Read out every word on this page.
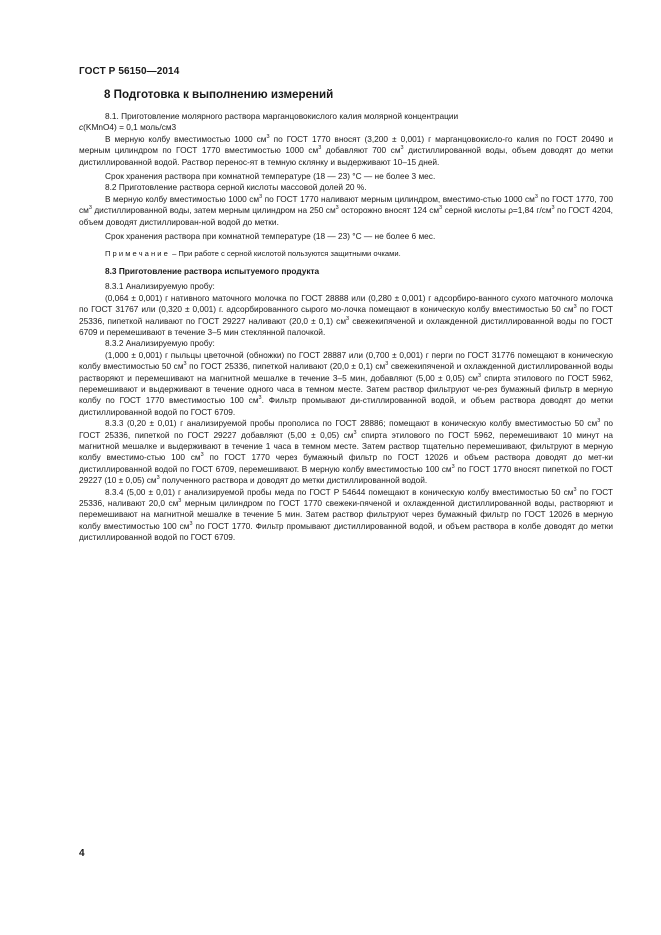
ГОСТ Р 56150—2014
8 Подготовка к выполнению измерений

8.1. Приготовление молярного раствора марганцовокислого калия молярной концентрации

c(KMnO4) = 0,1 моль/см3

В мерную колбу вместимостью 1000 $см^3$ по ГОСТ 1770 вносят (3,200 ± 0,001) г марганцовокисло-го калия по ГОСТ 20490 и мерным цилиндром по ГОСТ 1770 вместимостью 1000 $см^3$ добавляют 700 $см^3$ дистиллированной воды, объем доводят до метки дистиллированной водой. Раствор перенос-ят в темную склянку и выдерживают 10–15 дней.

Срок хранения раствора при комнатной температуре (18 — 23) °С — не более 3 мес.

8.2 Приготовление раствора серной кислоты массовой долей 20 %.

В мерную колбу вместимостью 1000 $см^3$ по ГОСТ 1770 наливают мерным цилиндром, вместимо-стью 1000 $см^3$ по ГОСТ 1770, 700 $см^3$ дистиллированной воды, затем мерным цилиндром на 250 $см^3$ осторожно вносят 124 $см^3$ серной кислоты ρ=1,84 $г/см^3$ по ГОСТ 4204, объем доводят дистиллирован-ной водой до метки.

Срок хранения раствора при комнатной температуре (18 — 23) °С — не более 6 мес.

Примечание – При работе с серной кислотой пользуются защитными очками.
8.3 Приготовление раствора испытуемого продукта

8.3.1 Анализируемую пробу:

(0,064 ± 0,001) г нативного маточного молочка по ГОСТ 28888 или (0,280 ± 0,001) г адсорбиро-ванного сухого маточного молочка по ГОСТ 31767 или (0,320 ± 0,001) г. адсорбированного сырого мо-лочка помещают в коническую колбу вместимостью 50 $см^3$ по ГОСТ 25336, пипеткой наливают по ГОСТ 29227 наливают (20,0 ± 0,1) $см^3$ свежекипяченой и охлажденной дистиллированной воды по ГОСТ 6709 и перемешивают в течение 3–5 мин стеклянной палочкой.

8.3.2 Анализируемую пробу:

(1,000 ± 0,001) г пыльцы цветочной (обножки) по ГОСТ 28887 или (0,700 ± 0,001) г перги по ГОСТ 31776 помещают в коническую колбу вместимостью 50 $см^3$ по ГОСТ 25336, пипеткой наливают (20,0 ± 0,1) $см^3$ свежекипяченой и охлажденной дистиллированной воды растворяют и перемешивают на магнитной мешалке в течение 3–5 мин, добавляют (5,00 ± 0,05) $см^3$ спирта этилового по ГОСТ 5962, перемешивают и выдерживают в течение одного часа в темном месте. Затем раствор фильтруют че-рез бумажный фильтр в мерную колбу по ГОСТ 1770 вместимостью 100 $см^3$. Фильтр промывают ди-стиллированной водой, и объем раствора доводят до метки дистиллированной водой по ГОСТ 6709.

8.3.3 (0,20 ± 0,01) г анализируемой пробы прополиса по ГОСТ 28886; помещают в коническую колбу вместимостью 50 $см^3$ по ГОСТ 25336, пипеткой по ГОСТ 29227 добавляют (5,00 ± 0,05) $см^3$ спирта этилового по ГОСТ 5962, перемешивают 10 минут на магнитной мешалке и выдерживают в течение 1 часа в темном месте. Затем раствор тщательно перемешивают, фильтруют в мерную колбу вместимо-стью 100 $см^3$ по ГОСТ 1770 через бумажный фильтр по ГОСТ 12026 и объем раствора доводят до мет-ки дистиллированной водой по ГОСТ 6709, перемешивают. В мерную колбу вместимостью 100 $см^3$ по ГОСТ 1770 вносят пипеткой по ГОСТ 29227 (10 ± 0,05) $см^3$ полученного раствора и доводят до метки дистиллированной водой.

8.3.4 (5,00 ± 0,01) г анализируемой пробы меда по ГОСТ Р 54644 помещают в коническую колбу вместимостью 50 $см^3$ по ГОСТ 25336, наливают 20,0 $см^3$ мерным цилиндром по ГОСТ 1770 свежеки-пяченой и охлажденной дистиллированной воды, растворяют и перемешивают на магнитной мешалке в течение 5 мин. Затем раствор фильтруют через бумажный фильтр по ГОСТ 12026 в мерную колбу вместимостью 100 $см^3$ по ГОСТ 1770. Фильтр промывают дистиллированной водой, и объем раствора в колбе доводят до метки дистиллированной водой по ГОСТ 6709.

4
